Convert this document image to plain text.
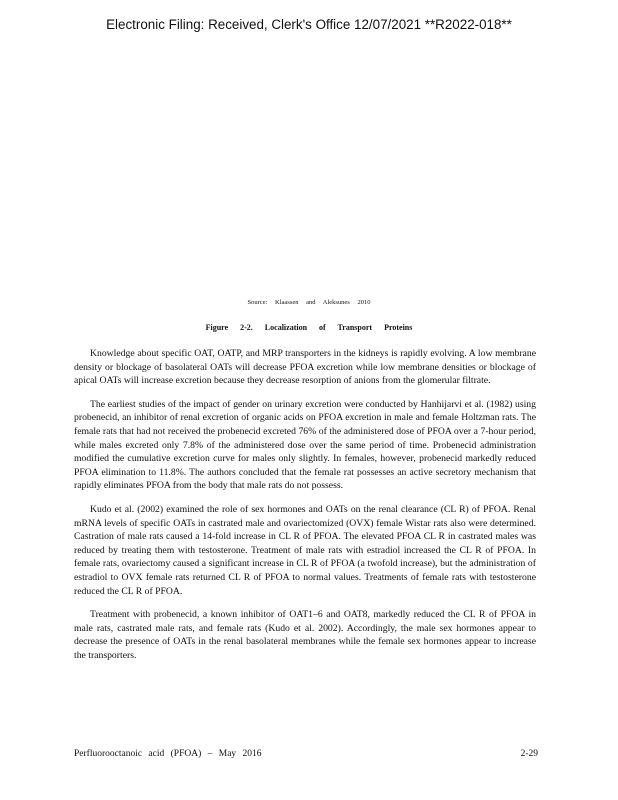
Electronic Filing: Received, Clerk's Office 12/07/2021 **R2022-018**
Source: Klaassen and Aleksunes 2010
Figure 2-2. Localization of Transport Proteins

Knowledge about specific OAT, OATP, and MRP transporters in the kidneys is rapidly evolving. A low membrane density or blockage of basolateral OATs will decrease PFOA excretion while low membrane densities or blockage of apical OATs will increase excretion because they decrease resorption of anions from the glomerular filtrate.

The earliest studies of the impact of gender on urinary excretion were conducted by Hanhijarvi et al. (1982) using probenecid, an inhibitor of renal excretion of organic acids on PFOA excretion in male and female Holtzman rats. The female rats that had not received the probenecid excreted 76% of the administered dose of PFOA over a 7-hour period, while males excreted only 7.8% of the administered dose over the same period of time. Probenecid administration modified the cumulative excretion curve for males only slightly. In females, however, probenecid markedly reduced PFOA elimination to 11.8%. The authors concluded that the female rat possesses an active secretory mechanism that rapidly eliminates PFOA from the body that male rats do not possess.

Kudo et al. (2002) examined the role of sex hormones and OATs on the renal clearance (CL R) of PFOA. Renal mRNA levels of specific OATs in castrated male and ovariectomized (OVX) female Wistar rats also were determined. Castration of male rats caused a 14-fold increase in CL R of PFOA. The elevated PFOA CL R in castrated males was reduced by treating them with testosterone. Treatment of male rats with estradiol increased the CL R of PFOA. In female rats, ovariectomy caused a significant increase in CL R of PFOA (a twofold increase), but the administration of estradiol to OVX female rats returned CL R of PFOA to normal values. Treatments of female rats with testosterone reduced the CL R of PFOA.

Treatment with probenecid, a known inhibitor of OAT1–6 and OAT8, markedly reduced the CL R of PFOA in male rats, castrated male rats, and female rats (Kudo et al. 2002). Accordingly, the male sex hormones appear to decrease the presence of OATs in the renal basolateral membranes while the female sex hormones appear to increase the transporters.

Perfluorooctanoic acid (PFOA) – May 2016	2-29
